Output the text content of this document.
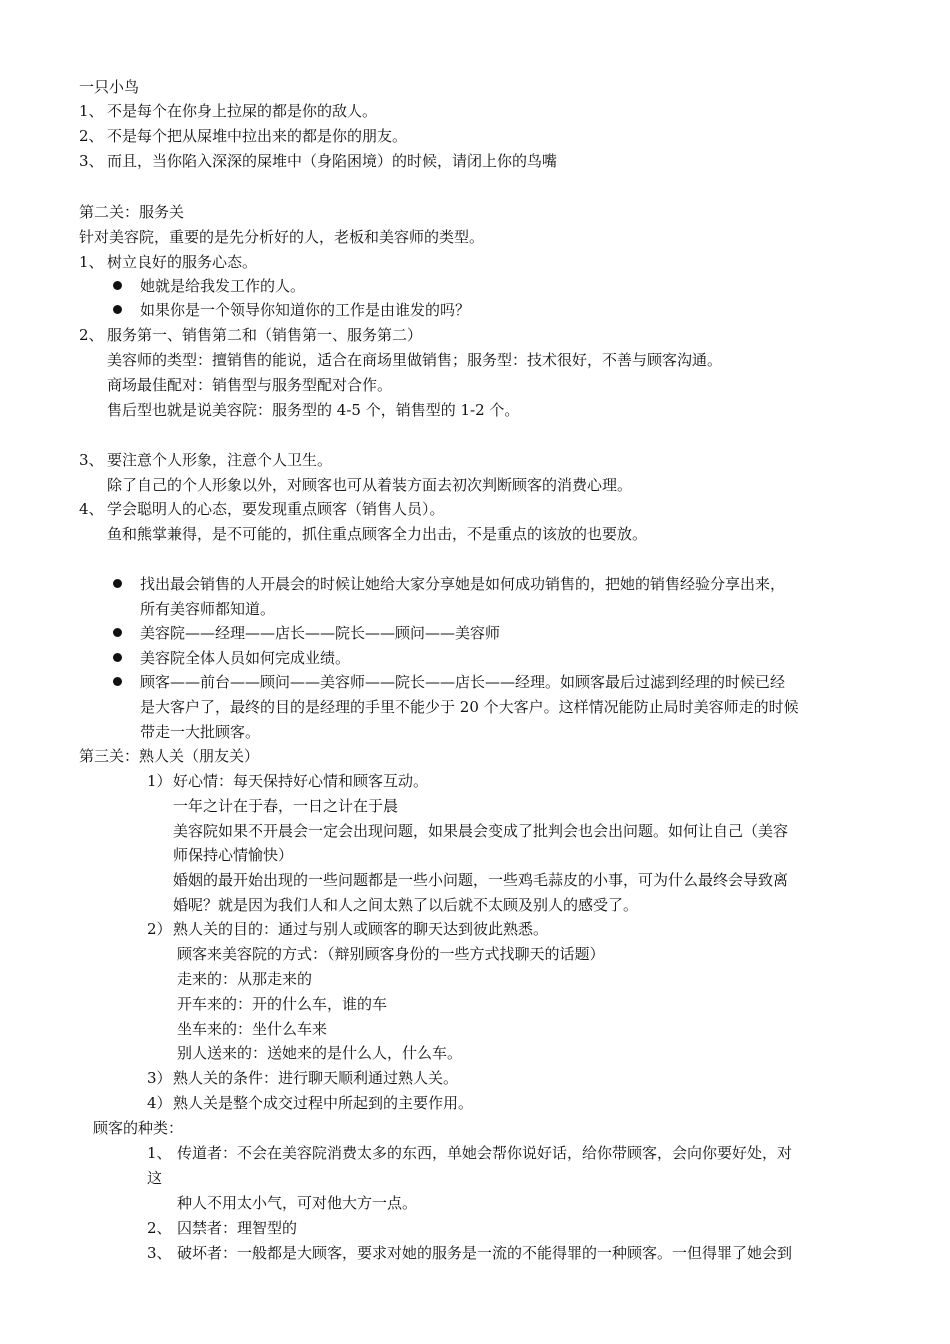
一只小鸟
1、 不是每个在你身上拉屎的都是你的敌人。
2、 不是每个把从屎堆中拉出来的都是你的朋友。
3、 而且，当你陷入深深的屎堆中（身陷困境）的时候，请闭上你的鸟嘴
第二关：服务关
针对美容院，重要的是先分析好的人，老板和美容师的类型。
1、 树立良好的服务心态。
她就是给我发工作的人。
如果你是一个领导你知道你的工作是由谁发的吗？
2、 服务第一、销售第二和（销售第一、服务第二）
美容师的类型：擅销售的能说，适合在商场里做销售；服务型：技术很好，不善与顾客沟通。
商场最佳配对：销售型与服务型配对合作。
售后型也就是说美容院：服务型的 4-5 个，销售型的 1-2 个。
3、 要注意个人形象，注意个人卫生。
除了自己的个人形象以外，对顾客也可从着装方面去初次判断顾客的消费心理。
4、 学会聪明人的心态，要发现重点顾客（销售人员）。
鱼和熊掌兼得，是不可能的，抓住重点顾客全力出击，不是重点的该放的也要放。
找出最会销售的人开晨会的时候让她给大家分享她是如何成功销售的，把她的销售经验分享出来，
所有美容师都知道。
美容院——经理——店长——院长——顾问——美容师
美容院全体人员如何完成业绩。
顾客——前台——顾问——美容师——院长——店长——经理。如顾客最后过滤到经理的时候已经
是大客户了，最终的目的是经理的手里不能少于 20 个大客户。这样情况能防止局时美容师走的时候
带走一大批顾客。
第三关：熟人关（朋友关）
1） 好心情：每天保持好心情和顾客互动。
一年之计在于春，一日之计在于晨
美容院如果不开晨会一定会出现问题，如果晨会变成了批判会也会出问题。如何让自己（美容
师保持心情愉快）
婚姻的最开始出现的一些问题都是一些小问题，一些鸡毛蒜皮的小事，可为什么最终会导致离
婚呢？就是因为我们人和人之间太熟了以后就不太顾及别人的感受了。
2） 熟人关的目的：通过与别人或顾客的聊天达到彼此熟悉。
顾客来美容院的方式：（辩别顾客身份的一些方式找聊天的话题）
走来的：从那走来的
开车来的：开的什么车，谁的车
坐车来的：坐什么车来
别人送来的：送她来的是什么人，什么车。
3） 熟人关的条件：进行聊天顺利通过熟人关。
4） 熟人关是整个成交过程中所起到的主要作用。
顾客的种类：
1、 传道者：不会在美容院消费太多的东西，单她会帮你说好话，给你带顾客，会向你要好处，对
这
种人不用太小气，可对他大方一点。
2、 囚禁者：理智型的
3、 破坏者：一般都是大顾客，要求对她的服务是一流的不能得罪的一种顾客。一但得罪了她会到
